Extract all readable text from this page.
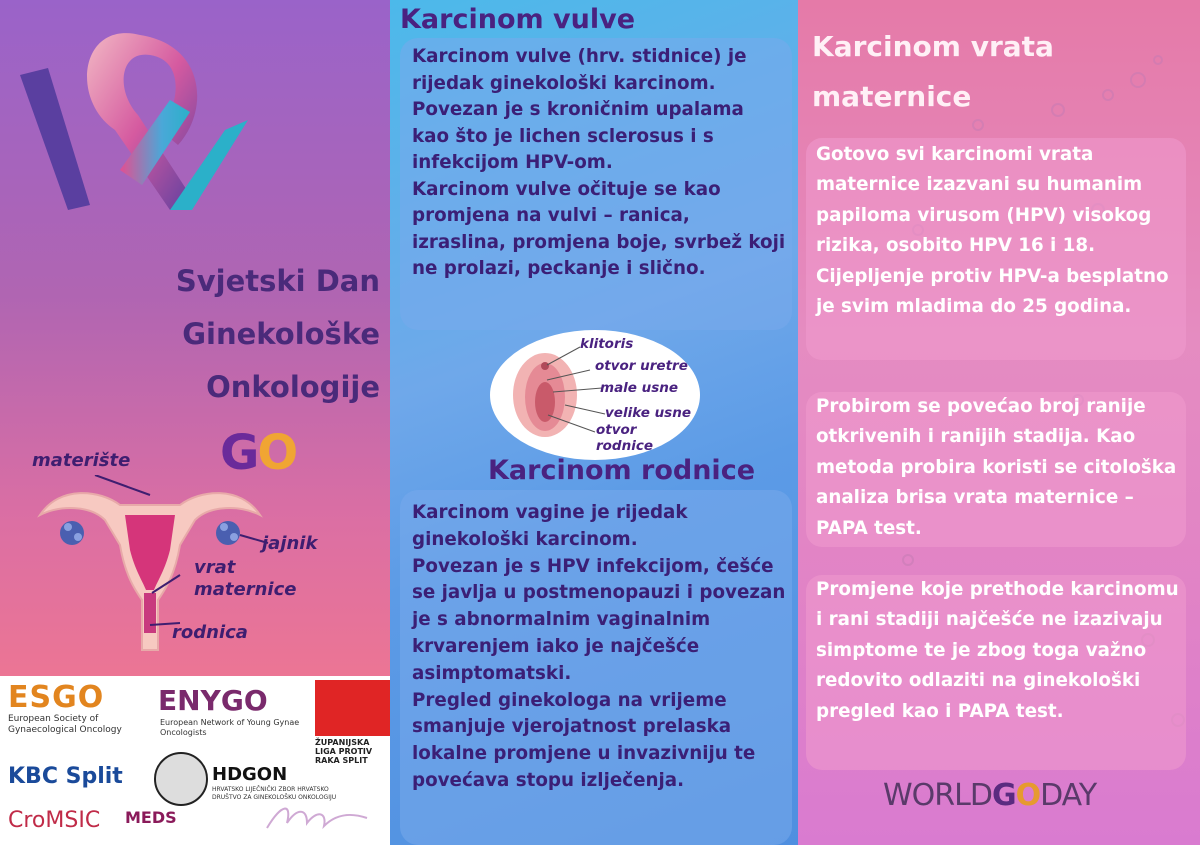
Svjetski Dan
Ginekološke
Onkologije
GO
materište
jajnik
vrat
maternice
rodnica
ESGO
European Society of Gynaecological Oncology
ENYGO
European Network of Young Gynae Oncologists
ŽUPANIJSKA LIGA PROTIV RAKA SPLIT
KBC Split	HDGON
HRVATSKO LIJEČNIČKI ZBOR HRVATSKO DRUŠTVO ZA GINEKOLOŠKU ONKOLOGIJU
CroMSIC MEDS
Karcinom vulve

Karcinom vulve (hrv. stidnice) je rijedak ginekološki karcinom. Povezan je s kroničnim upalama kao što je lichen sclerosus i s infekcijom HPV-om.

Karcinom vulve očituje se kao promjena na vulvi – ranica, izraslina, promjena boje, svrbež koji ne prolazi, peckanje i slično.

klitoris
otvor uretre
male usne
velike usne
otvor
rodnice
Karcinom rodnice

Karcinom vagine je rijedak ginekološki karcinom.

Povezan je s HPV infekcijom, češće se javlja u postmenopauzi i povezan je s abnormalnim vaginalnim krvarenjem iako je najčešće asimptomatski.

Pregled ginekologa na vrijeme smanjuje vjerojatnost prelaska lokalne promjene u invazivniju te povećava stopu izlječenja.

Karcinom vrata
maternice
Gotovo svi karcinomi vrata maternice izazvani su humanim papiloma virusom (HPV) visokog rizika, osobito HPV 16 i 18. Cijepljenje protiv HPV-a besplatno je svim mladima do 25 godina.
Probirom se povećao broj ranije otkrivenih i ranijih stadija. Kao metoda probira koristi se citološka analiza brisa vrata maternice – PAPA test.
Promjene koje prethode karcinomu i rani stadiji najčešće ne izazivaju simptome te je zbog toga važno redovito odlaziti na ginekološki pregled kao i PAPA test.
WORLDGODAY
